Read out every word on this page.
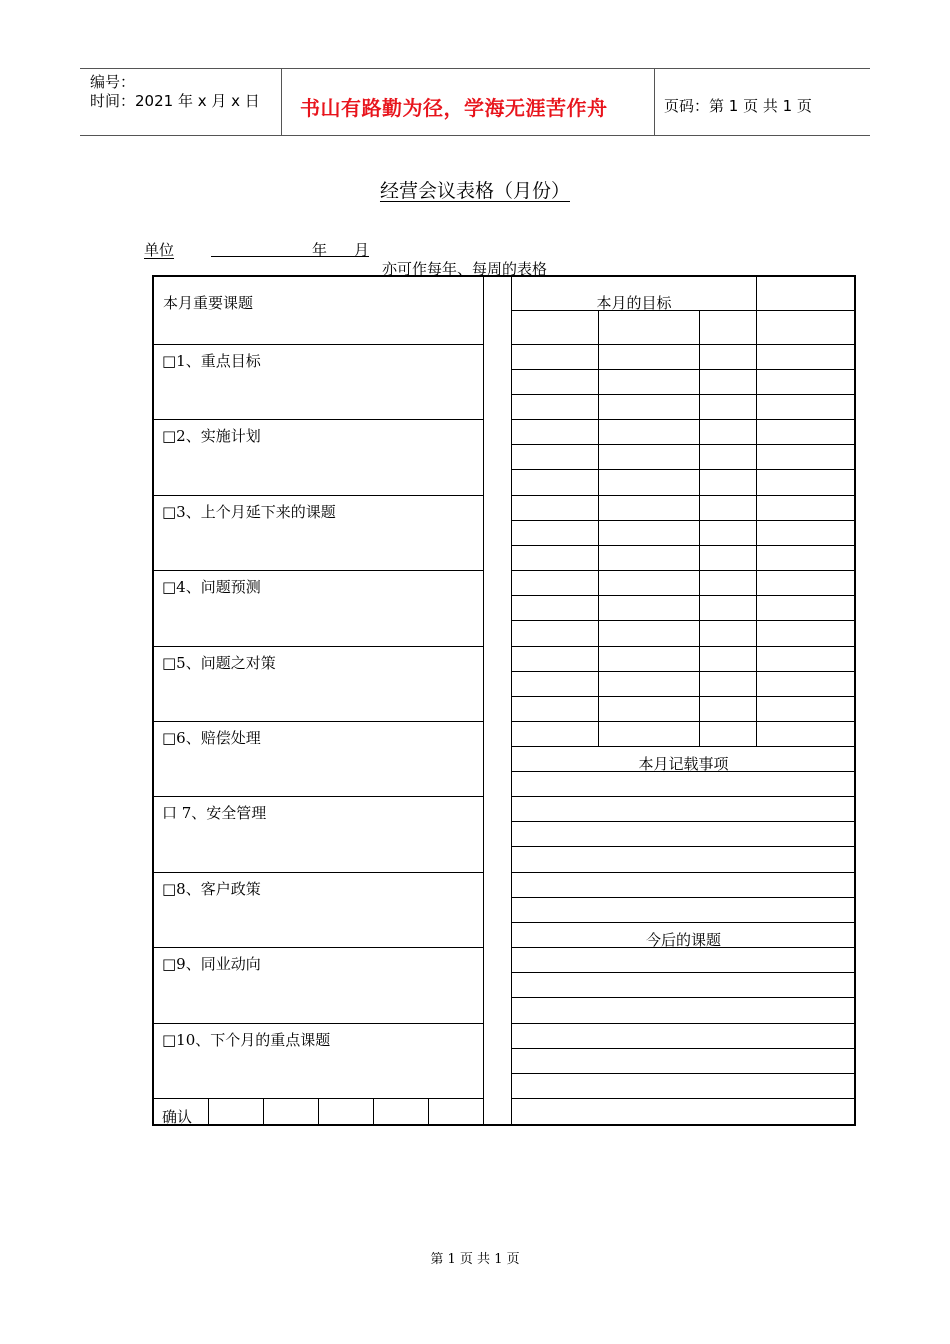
编号：
时间：2021 年 x 月 x 日 书山有路勤为径，学海无涯苦作舟	页码：第 1 页 共 1 页
经营会议表格（月份）
单位	年 月
亦可作每年、每周的表格
本月重要课题
□1、重点目标
□2、实施计划
□3、上个月延下来的课题
□4、问题预测
□5、问题之对策
□6、赔偿处理
口 7、安全管理
□8、客户政策
□9、同业动向
□10、下个月的重点课题
确认
本月的目标
本月记载事项
今后的课题
第 1 页 共 1 页
